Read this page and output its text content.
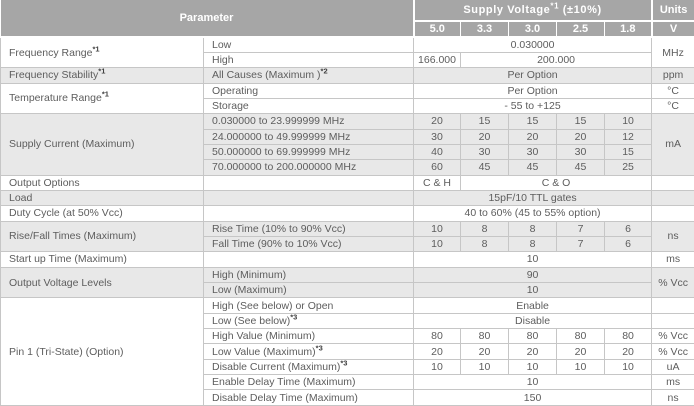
Parameter		Supply Voltage$^{*1}$ (±10%)					Units
		5.0	3.3	3.0	2.5	1.8	V
Frequency Range$^{*1}$	Low	0.030000					MHz
	High	166.000	200.000				
Frequency Stability$^{*1}$	All Causes (Maximum )$^{*2}$	Per Option					ppm
Temperature Range$^{*1}$	Operating	Per Option					°C
	Storage	- 55 to +125					°C
Supply Current (Maximum)	0.030000 to 23.999999 MHz	20	15	15	15	10	mA
	24.000000 to 49.999999 MHz	30	20	20	20	12	
	50.000000 to 69.999999 MHz	40	30	30	30	15	
	70.000000 to 200.000000 MHz	60	45	45	45	25	
Output Options		C & H	C & O				
Load		15pF/10 TTL gates					
Duty Cycle (at 50% Vcc)		40 to 60% (45 to 55% option)					
Rise/Fall Times (Maximum)	Rise Time (10% to 90% Vcc)	10	8	8	7	6	ns
	Fall Time (90% to 10% Vcc)	10	8	8	7	6	
Start up Time (Maximum)		10					ms
Output Voltage Levels	High (Minimum)	90					% Vcc
	Low (Maximum)	10					
Pin 1 (Tri-State) (Option)	High (See below) or Open	Enable					
	Low (See below)$^{*3}$	Disable					
	High Value (Minimum)	80	80	80	80	80	% Vcc
	Low Value (Maximum)$^{*3}$	20	20	20	20	20	% Vcc
	Disable Current (Maximum)$^{*3}$	10	10	10	10	10	uA
	Enable Delay Time (Maximum)	10					ms
	Disable Delay Time (Maximum)	150					ns
